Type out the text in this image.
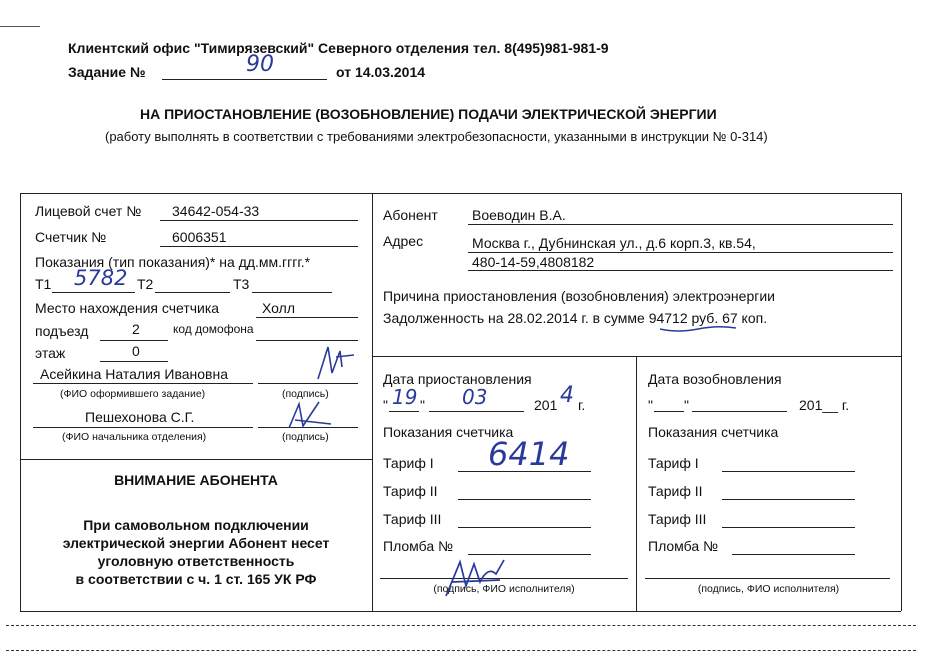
Клиентский офис "Тимирязевский" Северного отделения тел. 8(495)981-981-9
Задание №	90	от 14.03.2014
НА ПРИОСТАНОВЛЕНИЕ (ВОЗОБНОВЛЕНИЕ) ПОДАЧИ ЭЛЕКТРИЧЕСКОЙ ЭНЕРГИИ
(работу выполнять в соответствии с требованиями электробезопасности, указанными в инструкции № 0-314)
Лицевой счет № 34642-054-33
Счетчик №	6006351
Показания (тип показания)* на дд.мм.гггг.*
Т1 5782 Т2	Т3
Место нахождения счетчика	Холл
подъезд	2	код домофона
этаж	0
Асейкина Наталия Ивановна
(ФИО оформившего задание)	(подпись)
Пешехонова С.Г.
(ФИО начальника отделения)	(подпись)
ВНИМАНИЕ АБОНЕНТА
При самовольном подключении
электрической энергии Абонент несет
уголовную ответственность
в соответствии с ч. 1 ст. 165 УК РФ
Абонент Воеводин В.А.
Адрес	Москва г., Дубнинская ул., д.6 корп.3, кв.54,
480-14-59,4808182
Причина приостановления (возобновления) электроэнергии
Задолженность на 28.02.2014 г. в сумме 94712 руб. 67 коп.
Дата приостановления
" 19 " 03	201 4 г.
Показания счетчика
Тариф I 6414
Тариф II
Тариф III
Пломба №
(подпись, ФИО исполнителя)
Дата возобновления
" "	201__ г.
Показания счетчика
Тариф I
Тариф II
Тариф III
Пломба №
(подпись, ФИО исполнителя)
